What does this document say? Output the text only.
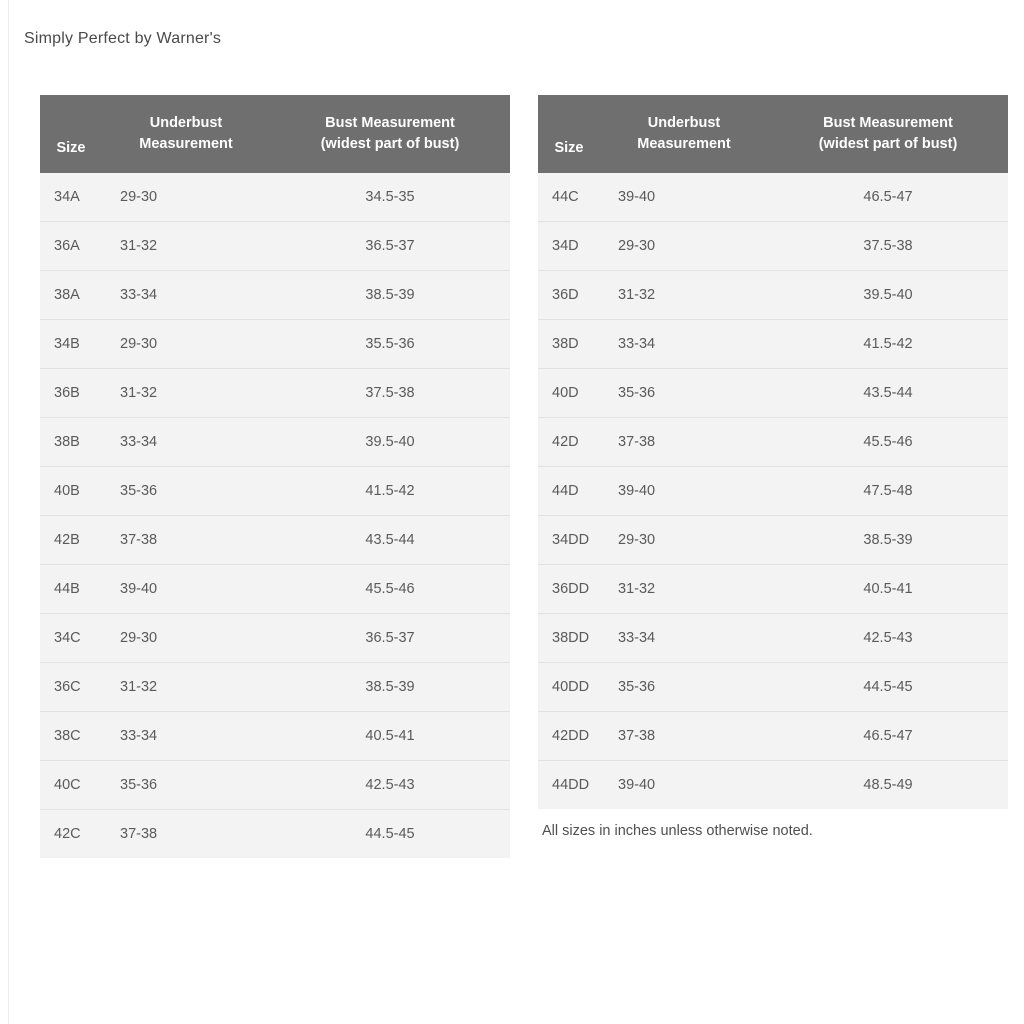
Simply Perfect by Warner's
Size	
Underbust
Measurement

Bust Measurement
(widest part of bust)

34A	29-30	34.5-35
36A	31-32	36.5-37
38A	33-34	38.5-39
34B	29-30	35.5-36
36B	31-32	37.5-38
38B	33-34	39.5-40
40B	35-36	41.5-42
42B	37-38	43.5-44
44B	39-40	45.5-46
34C	29-30	36.5-37
36C	31-32	38.5-39
38C	33-34	40.5-41
40C	35-36	42.5-43
42C	37-38	44.5-45
Size	
Underbust
Measurement

Bust Measurement
(widest part of bust)

44C	39-40	46.5-47
34D	29-30	37.5-38
36D	31-32	39.5-40
38D	33-34	41.5-42
40D	35-36	43.5-44
42D	37-38	45.5-46
44D	39-40	47.5-48
34DD	29-30	38.5-39
36DD	31-32	40.5-41
38DD	33-34	42.5-43
40DD	35-36	44.5-45
42DD	37-38	46.5-47
44DD	39-40	48.5-49
All sizes in inches unless otherwise noted.
